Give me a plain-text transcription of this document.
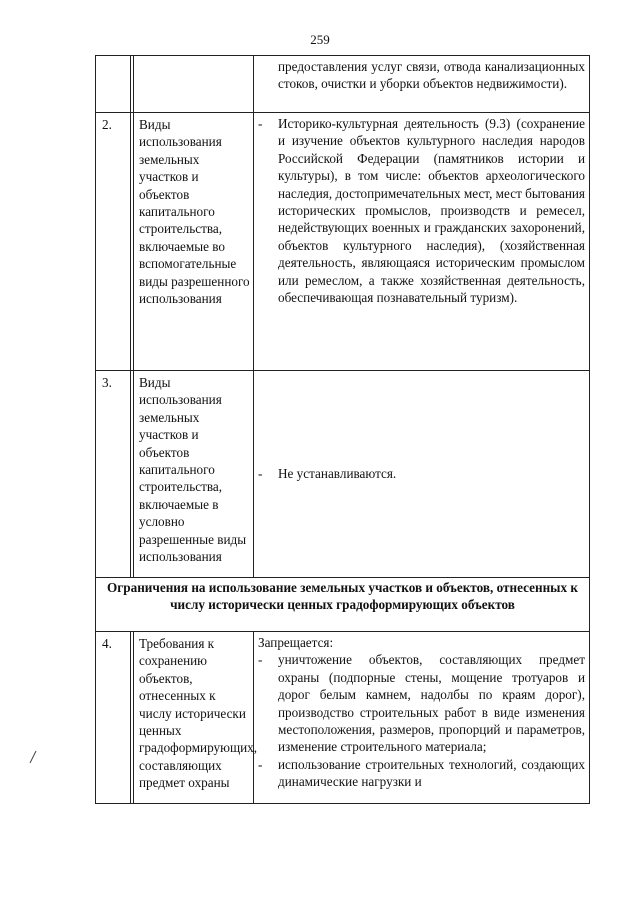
259

предоставления услуг связи, отвода канализационных стоков, очистки и уборки объектов недвижимости).

2.		Виды использования земельных участков и объектов капитального строительства, включаемые во вспомогательные виды разрешенного использования	- Историко-культурная деятельность (9.3) (сохранение и изучение объектов культурного наследия народов Российской Федерации (памятников истории и культуры), в том числе: объектов археологического наследия, достопримечательных мест, мест бытования исторических промыслов, производств и ремесел, недействующих военных и гражданских захоронений, объектов культурного наследия), (хозяйственная деятельность, являющаяся историческим промыслом или ремеслом, а также хозяйственная деятельность, обеспечивающая познавательный туризм).

3.		Виды использования земельных участков и объектов капитального строительства, включаемые в условно разрешенные виды использования	- Не устанавливаются.

Ограничения на использование земельных участков и объектов, отнесенных к числу исторически ценных градоформирующих объектов			
4.		Требования к сохранению объектов, отнесенных к числу исторически ценных градоформирующих, составляющих предмет охраны	Запрещается:
- уничтожение объектов, составляющих предмет охраны (подпорные стены, мощение тротуаров и дорог белым камнем, надолбы по краям дорог), производство строительных работ в виде изменения местоположения, размеров, пропорций и параметров, изменение строительного материала;
- использование строительных технологий, создающих динамические нагрузки и
